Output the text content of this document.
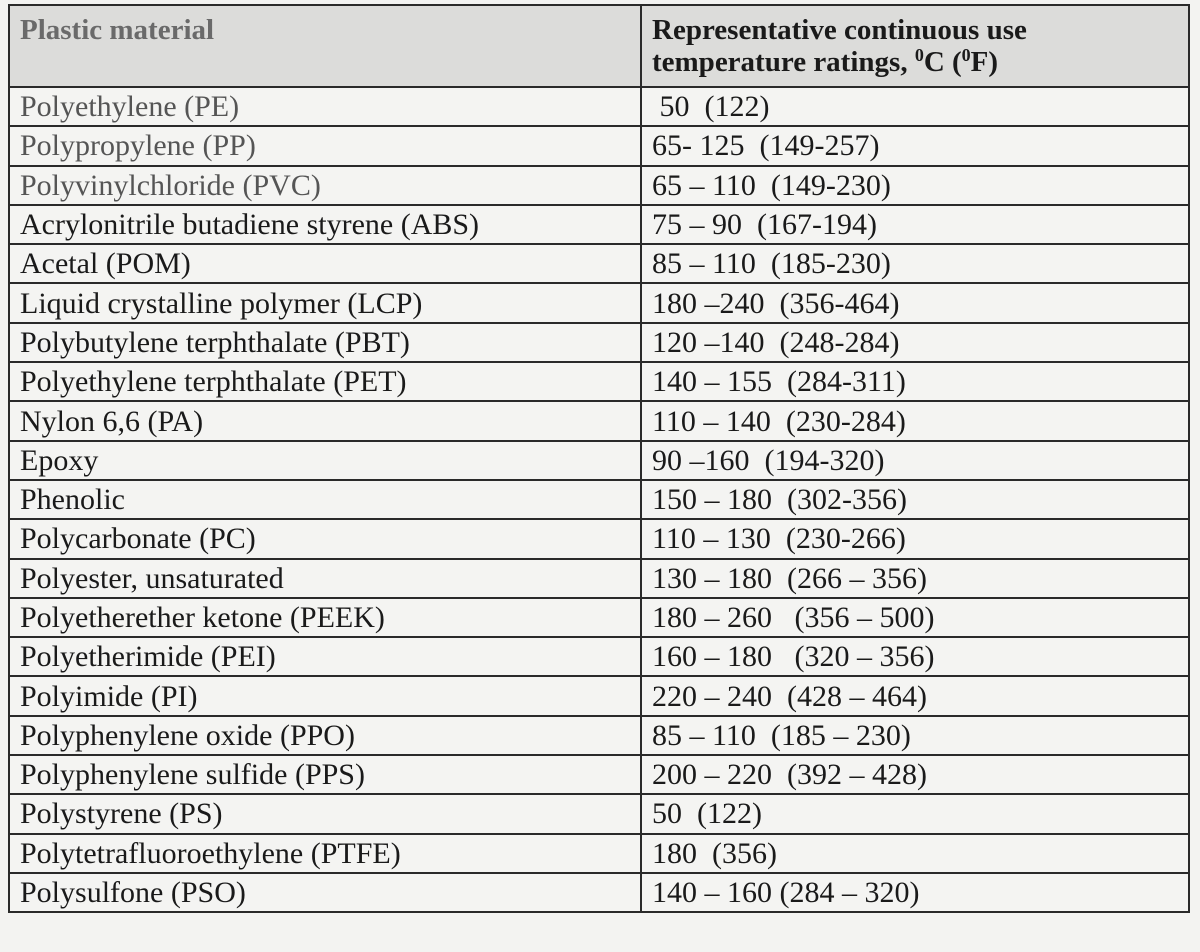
Plastic material	Representative continuous use
temperature ratings, $^0$C ($^0$F)
Polyethylene (PE)	50  (122)
Polypropylene (PP)	65- 125  (149-257)
Polyvinylchloride (PVC)	65 – 110  (149-230)
Acrylonitrile butadiene styrene (ABS)	75 – 90  (167-194)
Acetal (POM)	85 – 110  (185-230)
Liquid crystalline polymer (LCP)	180 –240  (356-464)
Polybutylene terphthalate (PBT)	120 –140  (248-284)
Polyethylene terphthalate (PET)	140 – 155  (284-311)
Nylon 6,6 (PA)	110 – 140  (230-284)
Epoxy	90 –160  (194-320)
Phenolic	150 – 180  (302-356)
Polycarbonate (PC)	110 – 130  (230-266)
Polyester, unsaturated	130 – 180  (266 – 356)
Polyetherether ketone (PEEK)	180 – 260   (356 – 500)
Polyetherimide (PEI)	160 – 180   (320 – 356)
Polyimide (PI)	220 – 240  (428 – 464)
Polyphenylene oxide (PPO)	85 – 110  (185 – 230)
Polyphenylene sulfide (PPS)	200 – 220  (392 – 428)
Polystyrene (PS)	50  (122)
Polytetrafluoroethylene (PTFE)	180  (356)
Polysulfone (PSO)	140 – 160 (284 – 320)
